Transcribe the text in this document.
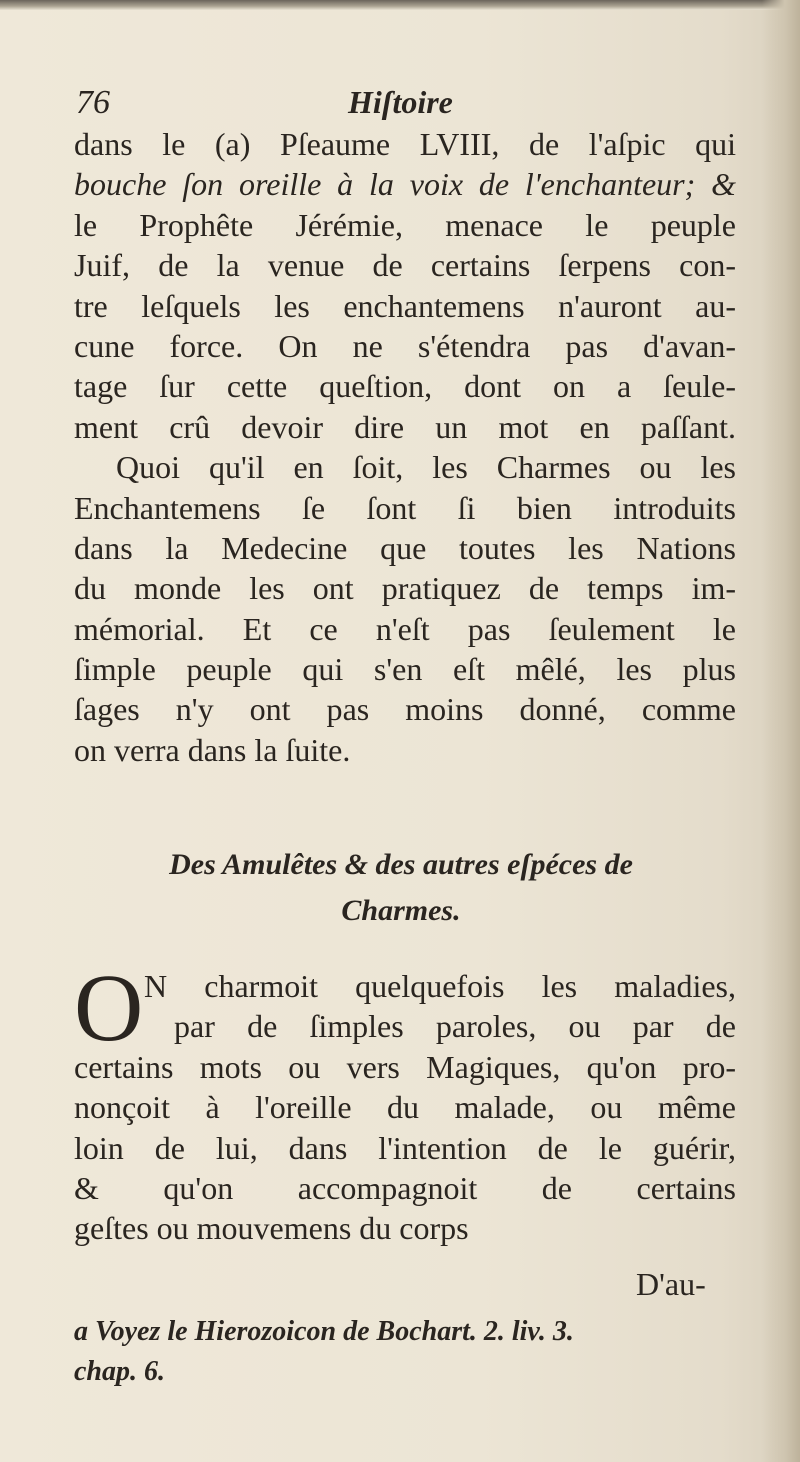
76	Hiſtoire
dans le (a) Pſeaume LVIII, de l'aſpic qui
bouche ſon oreille à la voix de l'enchanteur; &
le Prophête Jérémie, menace le peuple
Juif, de la venue de certains ſerpens con-
tre leſquels les enchantemens n'auront au-
cune force. On ne s'étendra pas d'avan-
tage ſur cette queſtion, dont on a ſeule-
ment crû devoir dire un mot en paſſant.
Quoi qu'il en ſoit, les Charmes ou les
Enchantemens ſe ſont ſi bien introduits
dans la Medecine que toutes les Nations
du monde les ont pratiquez de temps im-
mémorial. Et ce n'eſt pas ſeulement le
ſimple peuple qui s'en eſt mêlé, les plus
ſages n'y ont pas moins donné, comme
on verra dans la ſuite.
Des Amulêtes & des autres eſpéces de
Charmes.
O N charmoit quelquefois les maladies,
par de ſimples paroles, ou par de
certains mots ou vers Magiques, qu'on pro-
nonçoit à l'oreille du malade, ou même
loin de lui, dans l'intention de le guérir,
& qu'on accompagnoit de certains
geſtes ou mouvemens du corps
D'au-
a Voyez le Hierozoicon de Bochart. 2. liv. 3.
chap. 6.
